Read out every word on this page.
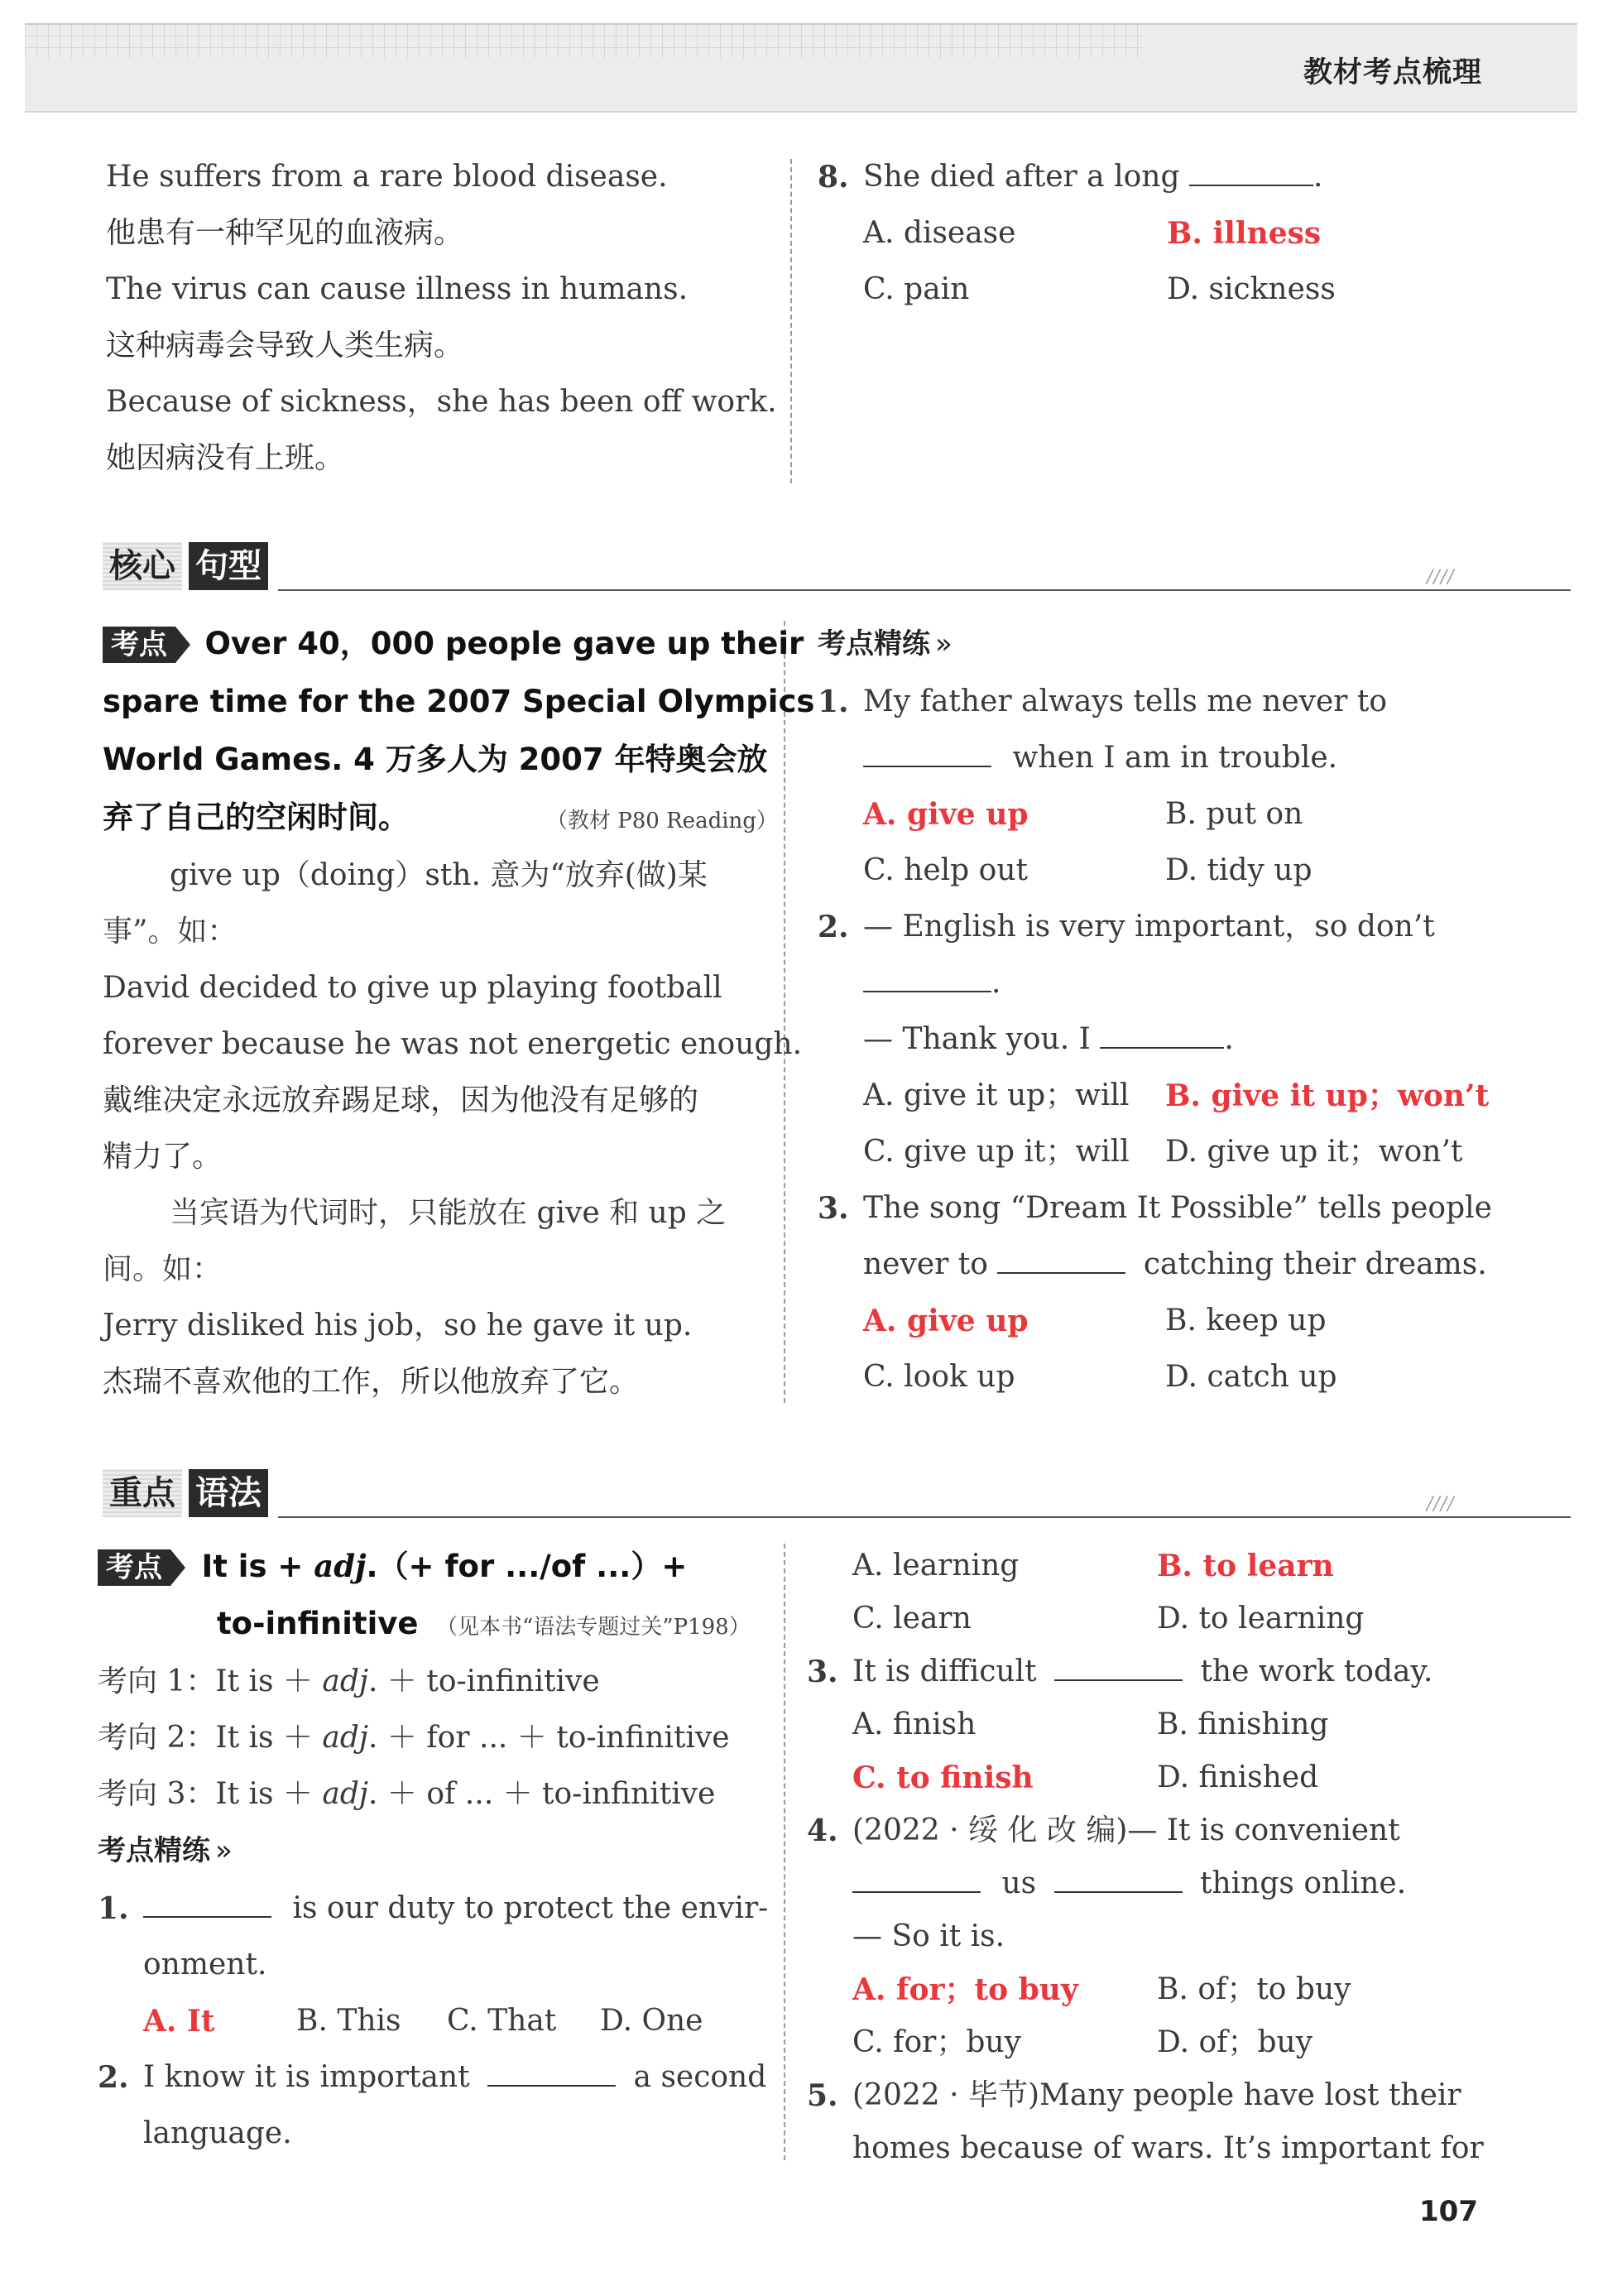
教材考点梳理
He suffers from a rare blood disease.
他患有一种罕见的血液病。
The virus can cause illness in humans.
这种病毒会导致人类生病。
Because of sickness，she has been off work.
她因病没有上班。
8. She died after a long	.
A. disease	B. illness
C. pain	D. sickness
核心 句型	////
考点 Over 40，000 people gave up their
spare time for the 2007 Special Olympics
World Games. 4 万多人为 2007 年特奥会放
弃了自己的空闲时间。	（教材 P80 Reading）
give up（doing）sth. 意为“放弃(做)某
事”。如：
David decided to give up playing football
forever because he was not energetic enough.
戴维决定永远放弃踢足球，因为他没有足够的
精力了。
当宾语为代词时，只能放在 give 和 up 之
间。如：
Jerry disliked his job，so he gave it up.
杰瑞不喜欢他的工作，所以他放弃了它。
考点精练 »
1. My father always tells me never to
when I am in trouble.
A. give up	B. put on
C. help out	D. tidy up
2. — English is very important，so don’t
.
— Thank you. I	.
A. give it up；will B. give it up；won’t
C. give up it；will D. give up it；won’t
3. The song “Dream It Possible” tells people
never to	catching their dreams.
A. give up	B. keep up
C. look up	D. catch up
重点 语法	////
考点 It is + adj.（+ for .../of ...）+
to-infinitive （见本书“语法专题过关”P198）
考向 1：It is ＋ adj. ＋ to-infinitive
考向 2：It is ＋ adj. ＋ for ... ＋ to-infinitive
考向 3：It is ＋ adj. ＋ of ... ＋ to-infinitive
考点精练 »
1.	is our duty to protect the envir-
onment.
A. It	B. This C. That D. One
2. I know it is important	a second
language.
A. learning	B. to learn
C. learn	D. to learning
3. It is difficult	the work today.
A. finish	B. finishing
C. to finish	D. finished
4. (2022 · 绥 化 改 编)— It is convenient
us	things online.
— So it is.
A. for；to buy	B. of；to buy
C. for；buy	D. of；buy
5. (2022 · 毕节)Many people have lost their
homes because of wars. It’s important for
107
